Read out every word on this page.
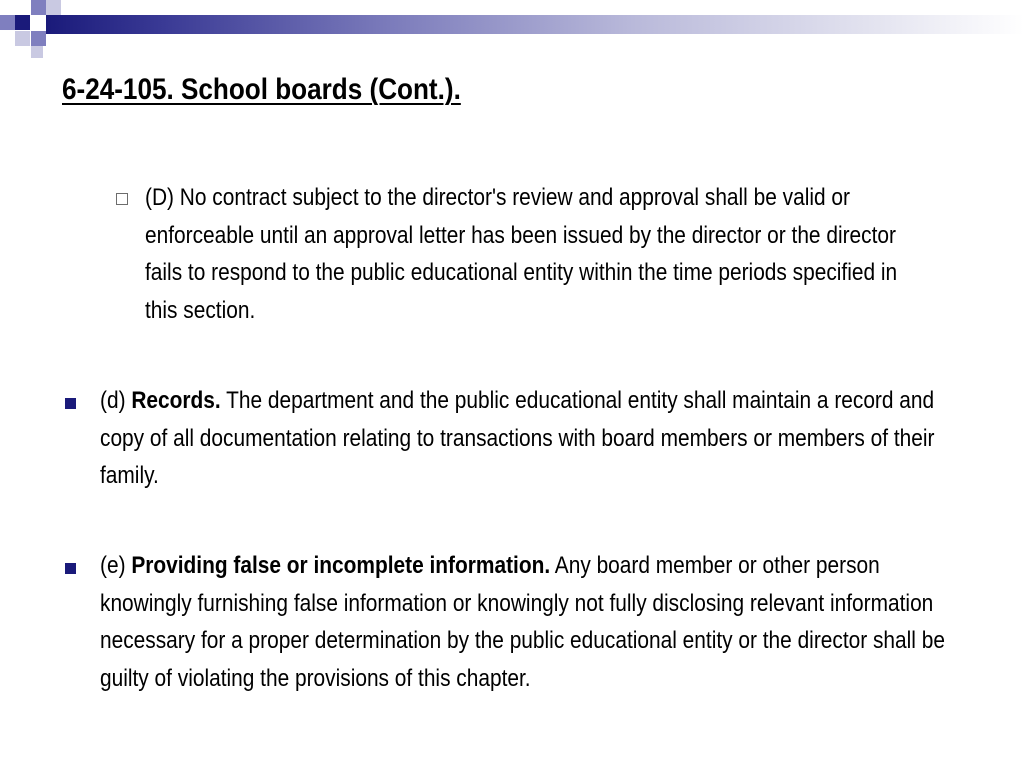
6-24-105. School boards (Cont.).
(D) No contract subject to the director's review and approval shall be valid or enforceable until an approval letter has been issued by the director or the director fails to respond to the public educational entity within the time periods specified in this section.
(d) Records. The department and the public educational entity shall maintain a record and copy of all documentation relating to transactions with board members or members of their family.
(e) Providing false or incomplete information. Any board member or other person knowingly furnishing false information or knowingly not fully disclosing relevant information necessary for a proper determination by the public educational entity or the director shall be guilty of violating the provisions of this chapter.
